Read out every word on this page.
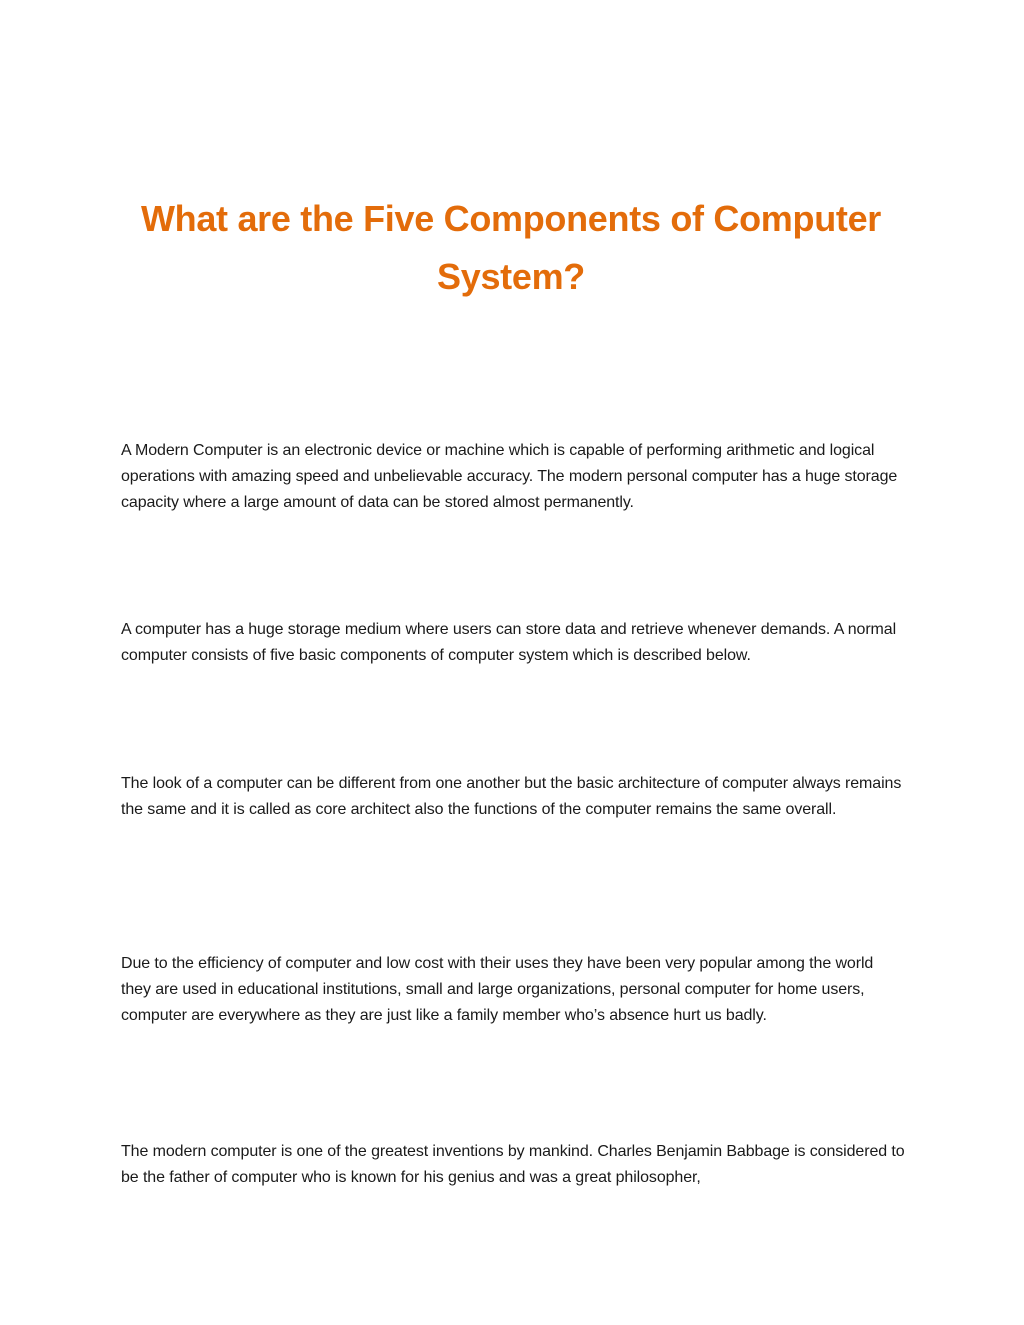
What are the Five Components of Computer System?

A Modern Computer is an electronic device or machine which is capable of performing arithmetic and logical operations with amazing speed and unbelievable accuracy. The modern personal computer has a huge storage capacity where a large amount of data can be stored almost permanently.

A computer has a huge storage medium where users can store data and retrieve whenever demands. A normal computer consists of five basic components of computer system which is described below.

The look of a computer can be different from one another but the basic architecture of computer always remains the same and it is called as core architect also the functions of the computer remains the same overall.

Due to the efficiency of computer and low cost with their uses they have been very popular among the world they are used in educational institutions, small and large organizations, personal computer for home users, computer are everywhere as they are just like a family member who’s absence hurt us badly.

The modern computer is one of the greatest inventions by mankind. Charles Benjamin Babbage is considered to be the father of computer who is known for his genius and was a great philosopher,
